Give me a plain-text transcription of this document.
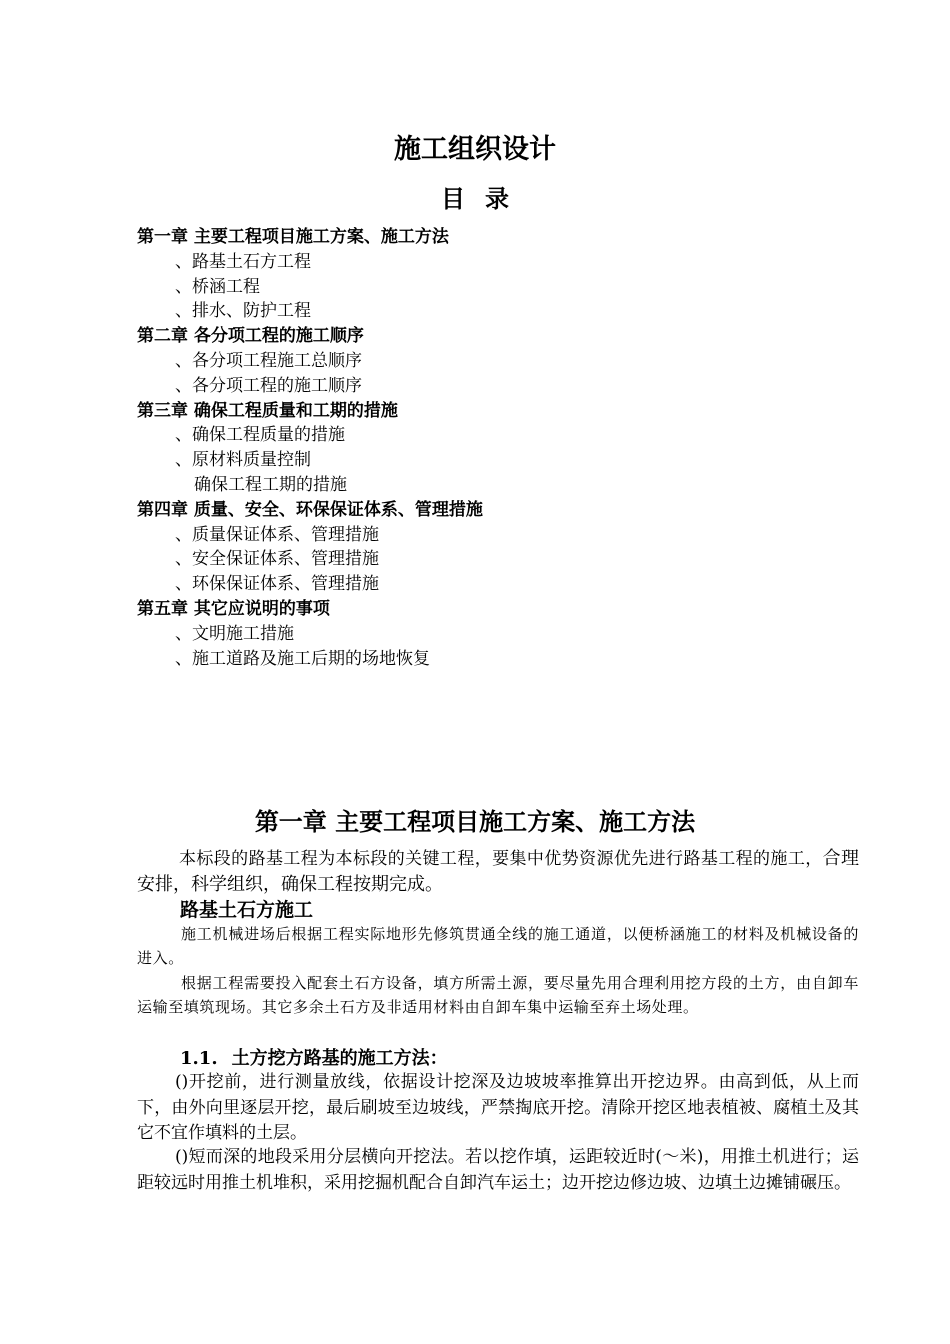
施工组织设计
目录
第一章 主要工程项目施工方案、施工方法
、路基土石方工程
、桥涵工程
、排水、防护工程
第二章 各分项工程的施工顺序
、各分项工程施工总顺序
、各分项工程的施工顺序
第三章 确保工程质量和工期的措施
、确保工程质量的措施
、原材料质量控制
确保工程工期的措施
第四章 质量、安全、环保保证体系、管理措施
、质量保证体系、管理措施
、安全保证体系、管理措施
、环保保证体系、管理措施
第五章 其它应说明的事项
、文明施工措施
、施工道路及施工后期的场地恢复
第一章 主要工程项目施工方案、施工方法

本标段的路基工程为本标段的关键工程，要集中优势资源优先进行路基工程的施工，合理安排，科学组织，确保工程按期完成。

路基土石方施工

施工机械进场后根据工程实际地形先修筑贯通全线的施工通道，以便桥涵施工的材料及机械设备的进入。

根据工程需要投入配套土石方设备，填方所需土源，要尽量先用合理利用挖方段的土方，由自卸车运输至填筑现场。其它多余土石方及非适用材料由自卸车集中运输至弃土场处理。

1.1. 土方挖方路基的施工方法：

()开挖前，进行测量放线，依据设计挖深及边坡坡率推算出开挖边界。由高到低，从上而下，由外向里逐层开挖，最后刷坡至边坡线，严禁掏底开挖。清除开挖区地表植被、腐植土及其它不宜作填料的土层。

()短而深的地段采用分层横向开挖法。若以挖作填，运距较近时(～米)，用推土机进行；运距较远时用推土机堆积，采用挖掘机配合自卸汽车运土；边开挖边修边坡、边填土边摊铺碾压。
